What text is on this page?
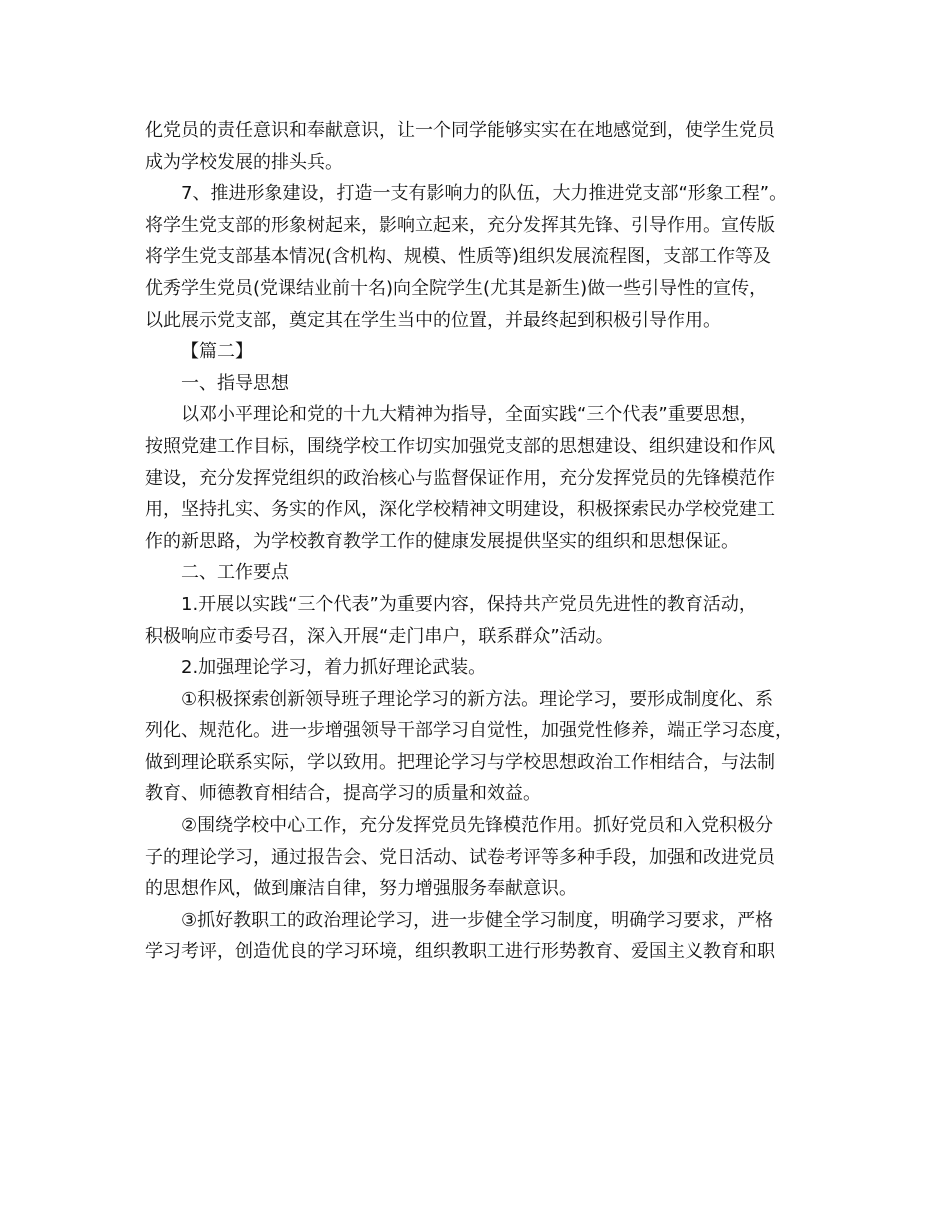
化党员的责任意识和奉献意识，让一个同学能够实实在在地感觉到，使学生党员
成为学校发展的排头兵。
7、推进形象建设，打造一支有影响力的队伍，大力推进党支部“形象工程”。
将学生党支部的形象树起来，影响立起来，充分发挥其先锋、引导作用。宣传版
将学生党支部基本情况(含机构、规模、性质等)组织发展流程图，支部工作等及
优秀学生党员(党课结业前十名)向全院学生(尤其是新生)做一些引导性的宣传，
以此展示党支部，奠定其在学生当中的位置，并最终起到积极引导作用。
【篇二】
一、指导思想
以邓小平理论和党的十九大精神为指导，全面实践“三个代表”重要思想，
按照党建工作目标，围绕学校工作切实加强党支部的思想建设、组织建设和作风
建设，充分发挥党组织的政治核心与监督保证作用，充分发挥党员的先锋模范作
用，坚持扎实、务实的作风，深化学校精神文明建设，积极探索民办学校党建工
作的新思路，为学校教育教学工作的健康发展提供坚实的组织和思想保证。
二、工作要点
1.开展以实践“三个代表”为重要内容，保持共产党员先进性的教育活动，
积极响应市委号召，深入开展“走门串户，联系群众”活动。
2.加强理论学习，着力抓好理论武装。
①积极探索创新领导班子理论学习的新方法。理论学习，要形成制度化、系
列化、规范化。进一步增强领导干部学习自觉性，加强党性修养，端正学习态度，
做到理论联系实际，学以致用。把理论学习与学校思想政治工作相结合，与法制
教育、师德教育相结合，提高学习的质量和效益。
②围绕学校中心工作，充分发挥党员先锋模范作用。抓好党员和入党积极分
子的理论学习，通过报告会、党日活动、试卷考评等多种手段，加强和改进党员
的思想作风，做到廉洁自律，努力增强服务奉献意识。
③抓好教职工的政治理论学习，进一步健全学习制度，明确学习要求，严格
学习考评，创造优良的学习环境，组织教职工进行形势教育、爱国主义教育和职
